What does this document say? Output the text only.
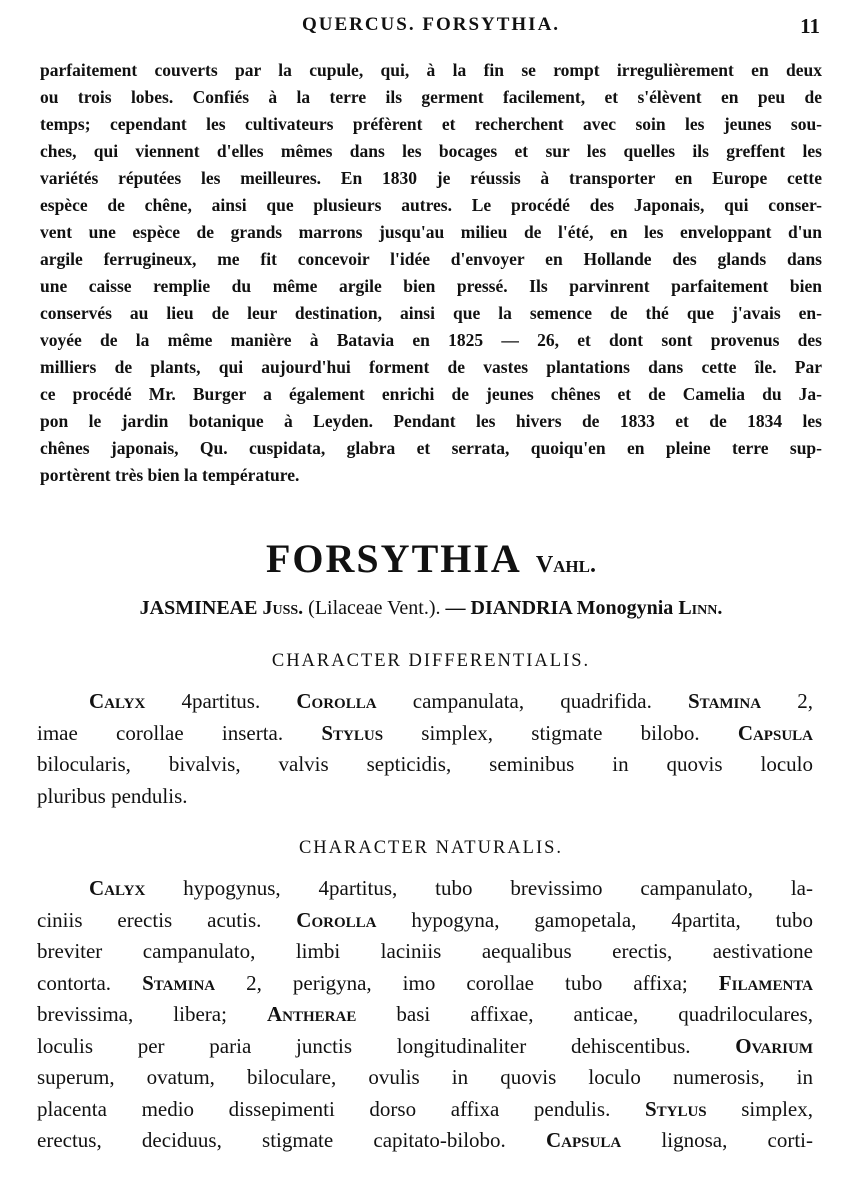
QUERCUS. FORSYTHIA.	11
parfaitement couverts par la cupule, qui, à la fin se rompt irregulièrement en deux
ou trois lobes. Confiés à la terre ils germent facilement, et s'élèvent en peu de
temps; cependant les cultivateurs préfèrent et recherchent avec soin les jeunes sou-
ches, qui viennent d'elles mêmes dans les bocages et sur les quelles ils greffent les
variétés réputées les meilleures. En 1830 je réussis à transporter en Europe cette
espèce de chêne, ainsi que plusieurs autres. Le procédé des Japonais, qui conser-
vent une espèce de grands marrons jusqu'au milieu de l'été, en les enveloppant d'un
argile ferrugineux, me fit concevoir l'idée d'envoyer en Hollande des glands dans
une caisse remplie du même argile bien pressé. Ils parvinrent parfaitement bien
conservés au lieu de leur destination, ainsi que la semence de thé que j'avais en-
voyée de la même manière à Batavia en 1825 — 26, et dont sont provenus des
milliers de plants, qui aujourd'hui forment de vastes plantations dans cette île. Par
ce procédé Mr. Burger a également enrichi de jeunes chênes et de Camelia du Ja-
pon le jardin botanique à Leyden. Pendant les hivers de 1833 et de 1834 les
chênes japonais, Qu. cuspidata, glabra et serrata, quoiqu'en en pleine terre sup-
portèrent très bien la température.
FORSYTHIA Vahl.
JASMINEAE Juss. (Lilaceae Vent.). — DIANDRIA Monogynia Linn.
CHARACTER DIFFERENTIALIS.
Calyx 4partitus. Corolla campanulata, quadrifida. Stamina 2,
imae corollae inserta. Stylus simplex, stigmate bilobo. Capsula
bilocularis, bivalvis, valvis septicidis, seminibus in quovis loculo
pluribus pendulis.
CHARACTER NATURALIS.
Calyx hypogynus, 4partitus, tubo brevissimo campanulato, la-
ciniis erectis acutis. Corolla hypogyna, gamopetala, 4partita, tubo
breviter campanulato, limbi laciniis aequalibus erectis, aestivatione
contorta. Stamina 2, perigyna, imo corollae tubo affixa; Filamenta
brevissima, libera; Antherae basi affixae, anticae, quadriloculares,
loculis per paria junctis longitudinaliter dehiscentibus. Ovarium
superum, ovatum, biloculare, ovulis in quovis loculo numerosis, in
placenta medio dissepimenti dorso affixa pendulis. Stylus simplex,
erectus, deciduus, stigmate capitato-bilobo. Capsula lignosa, corti-
